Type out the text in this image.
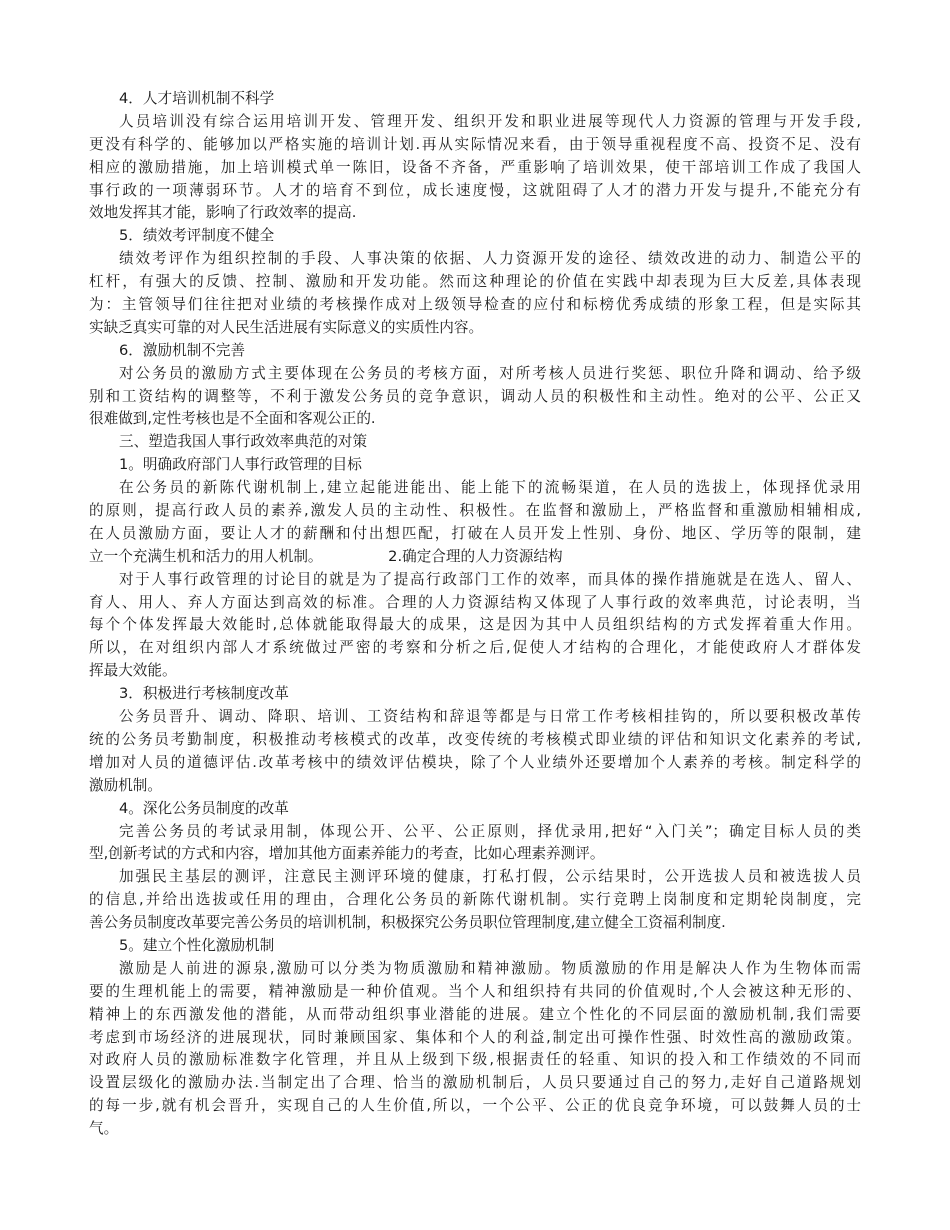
4．人才培训机制不科学
人员培训没有综合运用培训开发、管理开发、组织开发和职业进展等现代人力资源的管理与开发手段,
更没有科学的、能够加以严格实施的培训计划.再从实际情况来看，由于领导重视程度不高、投资不足、没有
相应的激励措施，加上培训模式单一陈旧，设备不齐备，严重影响了培训效果，使干部培训工作成了我国人
事行政的一项薄弱环节。人才的培育不到位，成长速度慢，这就阻碍了人才的潜力开发与提升,不能充分有
效地发挥其才能，影响了行政效率的提高.
5．绩效考评制度不健全
绩效考评作为组织控制的手段、人事决策的依据、人力资源开发的途径、绩效改进的动力、制造公平的
杠杆，有强大的反馈、控制、激励和开发功能。然而这种理论的价值在实践中却表现为巨大反差,具体表现
为：主管领导们往往把对业绩的考核操作成对上级领导检查的应付和标榜优秀成绩的形象工程，但是实际其
实缺乏真实可靠的对人民生活进展有实际意义的实质性内容。
6．激励机制不完善
对公务员的激励方式主要体现在公务员的考核方面，对所考核人员进行奖惩、职位升降和调动、给予级
别和工资结构的调整等，不利于激发公务员的竞争意识，调动人员的积极性和主动性。绝对的公平、公正又
很难做到,定性考核也是不全面和客观公正的.
三、塑造我国人事行政效率典范的对策
1。明确政府部门人事行政管理的目标
在公务员的新陈代谢机制上,建立起能进能出、能上能下的流畅渠道，在人员的选拔上，体现择优录用
的原则，提高行政人员的素养,激发人员的主动性、积极性。在监督和激励上，严格监督和重激励相辅相成,
在人员激励方面，要让人才的薪酬和付出想匹配，打破在人员开发上性别、身份、地区、学历等的限制，建
立一个充满生机和活力的用人机制。　　　　　2.确定合理的人力资源结构
对于人事行政管理的讨论目的就是为了提高行政部门工作的效率，而具体的操作措施就是在选人、留人、
育人、用人、弃人方面达到高效的标准。合理的人力资源结构又体现了人事行政的效率典范，讨论表明，当
每个个体发挥最大效能时,总体就能取得最大的成果，这是因为其中人员组织结构的方式发挥着重大作用。
所以，在对组织内部人才系统做过严密的考察和分析之后,促使人才结构的合理化，才能使政府人才群体发
挥最大效能。
3．积极进行考核制度改革
公务员晋升、调动、降职、培训、工资结构和辞退等都是与日常工作考核相挂钩的，所以要积极改革传
统的公务员考勤制度，积极推动考核模式的改革，改变传统的考核模式即业绩的评估和知识文化素养的考试,
增加对人员的道德评估.改革考核中的绩效评估模块，除了个人业绩外还要增加个人素养的考核。制定科学的
激励机制。
4。深化公务员制度的改革
完善公务员的考试录用制，体现公开、公平、公正原则，择优录用,把好“入门关”；确定目标人员的类
型,创新考试的方式和内容，增加其他方面素养能力的考查，比如心理素养测评。
加强民主基层的测评，注意民主测评环境的健康，打私打假，公示结果时，公开选拔人员和被选拔人员
的信息,并给出选拔或任用的理由，合理化公务员的新陈代谢机制。实行竞聘上岗制度和定期轮岗制度，完
善公务员制度改革要完善公务员的培训机制，积极探究公务员职位管理制度,建立健全工资福利制度.
5。建立个性化激励机制
激励是人前进的源泉,激励可以分类为物质激励和精神激励。物质激励的作用是解决人作为生物体而需
要的生理机能上的需要，精神激励是一种价值观。当个人和组织持有共同的价值观时,个人会被这种无形的、
精神上的东西激发他的潜能，从而带动组织事业潜能的进展。建立个性化的不同层面的激励机制,我们需要
考虑到市场经济的进展现状，同时兼顾国家、集体和个人的利益,制定出可操作性强、时效性高的激励政策。
对政府人员的激励标准数字化管理，并且从上级到下级,根据责任的轻重、知识的投入和工作绩效的不同而
设置层级化的激励办法.当制定出了合理、恰当的激励机制后，人员只要通过自己的努力,走好自己道路规划
的每一步,就有机会晋升，实现自己的人生价值,所以，一个公平、公正的优良竞争环境，可以鼓舞人员的士
气。
